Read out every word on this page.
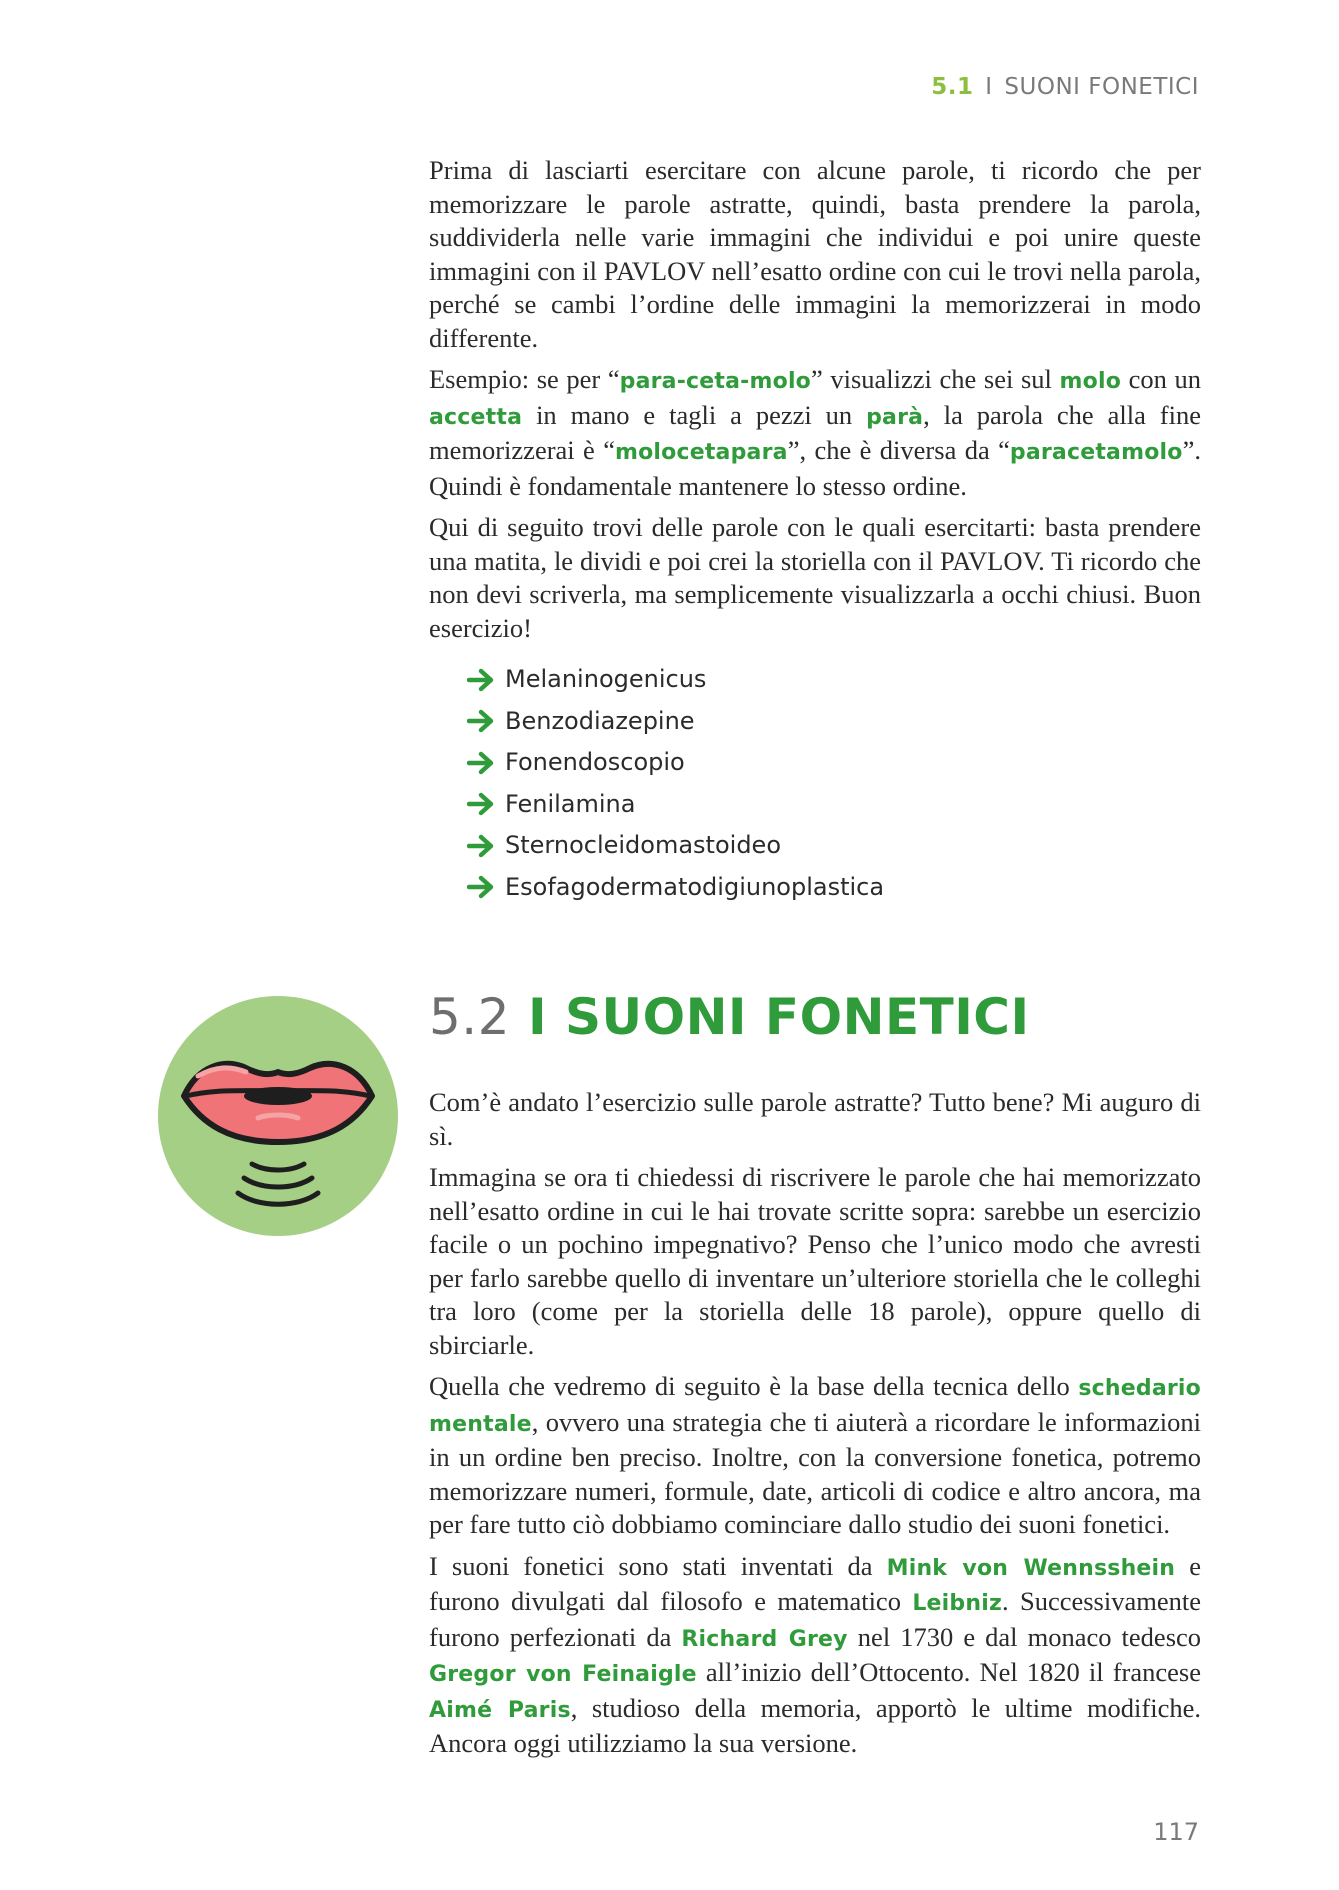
5.1 I SUONI FONETICI

Prima di lasciarti esercitare con alcune parole, ti ricordo che per memorizzare le parole astratte, quindi, basta prendere la parola, suddividerla nelle varie immagini che individui e poi unire queste immagini con il PAVLOV nell’esatto ordine con cui le trovi nella parola, perché se cambi l’ordine delle immagini la memorizzerai in modo differente.

Esempio: se per “para-ceta-molo” visualizzi che sei sul molo con un accetta in mano e tagli a pezzi un parà, la parola che alla fine memorizzerai è “molocetapara”, che è diversa da “paracetamolo”. Quindi è fondamentale mantenere lo stesso ordine.

Qui di seguito trovi delle parole con le quali esercitarti: basta prendere una matita, le dividi e poi crei la storiella con il PAVLOV. Ti ricordo che non devi scriverla, ma semplicemente visualizzarla a occhi chiusi. Buon esercizio!

Melaninogenicus
Benzodiazepine
Fonendoscopio
Fenilamina
Sternocleidomastoideo
Esofagodermatodigiunoplastica
5.2 I SUONI FONETICI

Com’è andato l’esercizio sulle parole astratte? Tutto bene? Mi auguro di sì.

Immagina se ora ti chiedessi di riscrivere le parole che hai memorizzato nell’esatto ordine in cui le hai trovate scritte sopra: sarebbe un esercizio facile o un pochino impegnativo? Penso che l’unico modo che avresti per farlo sarebbe quello di inventare un’ulteriore storiella che le colleghi tra loro (come per la storiella delle 18 parole), oppure quello di sbirciarle.

Quella che vedremo di seguito è la base della tecnica dello schedario mentale, ovvero una strategia che ti aiuterà a ricordare le informazioni in un ordine ben preciso. Inoltre, con la conversione fonetica, potremo memorizzare numeri, formule, date, articoli di codice e altro ancora, ma per fare tutto ciò dobbiamo cominciare dallo studio dei suoni fonetici.

I suoni fonetici sono stati inventati da Mink von Wennsshein e furono divulgati dal filosofo e matematico Leibniz. Successivamente furono perfezionati da Richard Grey nel 1730 e dal monaco tedesco Gregor von Feinaigle all’inizio dell’Ottocento. Nel 1820 il francese Aimé Paris, studioso della memoria, apportò le ultime modifiche. Ancora oggi utilizziamo la sua versione.

117
